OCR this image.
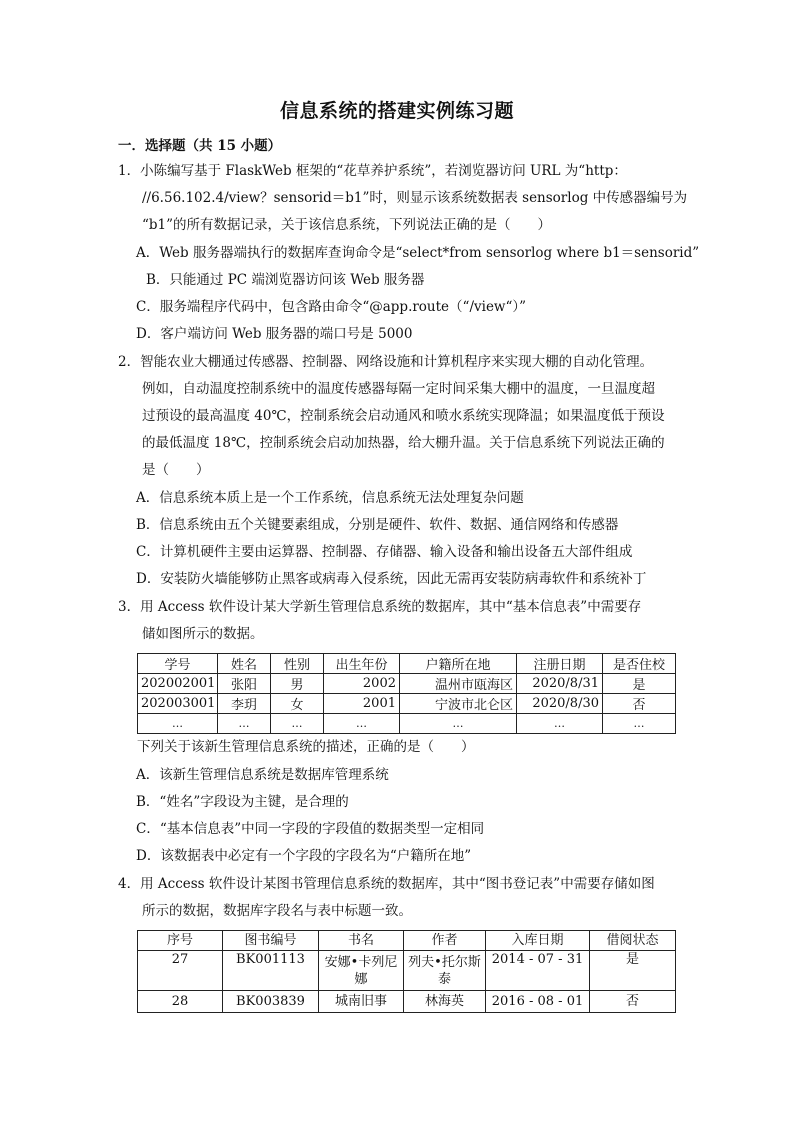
信息系统的搭建实例练习题
一．选择题（共 15 小题）
1．小陈编写基于 FlaskWeb 框架的“花草养护系统”，若浏览器访问 URL 为“http：
//6.56.102.4/view？sensorid＝b1”时，则显示该系统数据表 sensorlog 中传感器编号为
“b1”的所有数据记录，关于该信息系统，下列说法正确的是（　　）
A．Web 服务器端执行的数据库查询命令是“select*from sensorlog where b1＝sensorid”
B．只能通过 PC 端浏览器访问该 Web 服务器
C．服务端程序代码中，包含路由命令“@app.route（“/view“）”
D．客户端访问 Web 服务器的端口号是 5000
2．智能农业大棚通过传感器、控制器、网络设施和计算机程序来实现大棚的自动化管理。
例如，自动温度控制系统中的温度传感器每隔一定时间采集大棚中的温度，一旦温度超
过预设的最高温度 40℃，控制系统会启动通风和喷水系统实现降温；如果温度低于预设
的最低温度 18℃，控制系统会启动加热器，给大棚升温。关于信息系统下列说法正确的
是（　　）
A．信息系统本质上是一个工作系统，信息系统无法处理复杂问题
B．信息系统由五个关键要素组成，分别是硬件、软件、数据、通信网络和传感器
C．计算机硬件主要由运算器、控制器、存储器、输入设备和输出设备五大部件组成
D．安装防火墙能够防止黑客或病毒入侵系统，因此无需再安装防病毒软件和系统补丁
3．用 Access 软件设计某大学新生管理信息系统的数据库，其中“基本信息表”中需要存
储如图所示的数据。
学号	姓名	性别	出生年份	户籍所在地	注册日期	是否住校
202002001	张阳	男	2002	温州市瓯海区	2020/8/31	是
202003001	李玥	女	2001	宁波市北仑区	2020/8/30	否
…	…	…	…	…	…	…
下列关于该新生管理信息系统的描述，正确的是（　　）
A．该新生管理信息系统是数据库管理系统
B．“姓名”字段设为主键，是合理的
C．“基本信息表”中同一字段的字段值的数据类型一定相同
D．该数据表中必定有一个字段的字段名为“户籍所在地”
4．用 Access 软件设计某图书管理信息系统的数据库，其中“图书登记表”中需要存储如图
所示的数据，数据库字段名与表中标题一致。
序号	图书编号	书名	作者	入库日期	借阅状态
27	BK001113	安娜•卡列尼娜	列夫•托尔斯泰	2014 - 07 - 31	是
28	BK003839	城南旧事	林海英	2016 - 08 - 01	否
